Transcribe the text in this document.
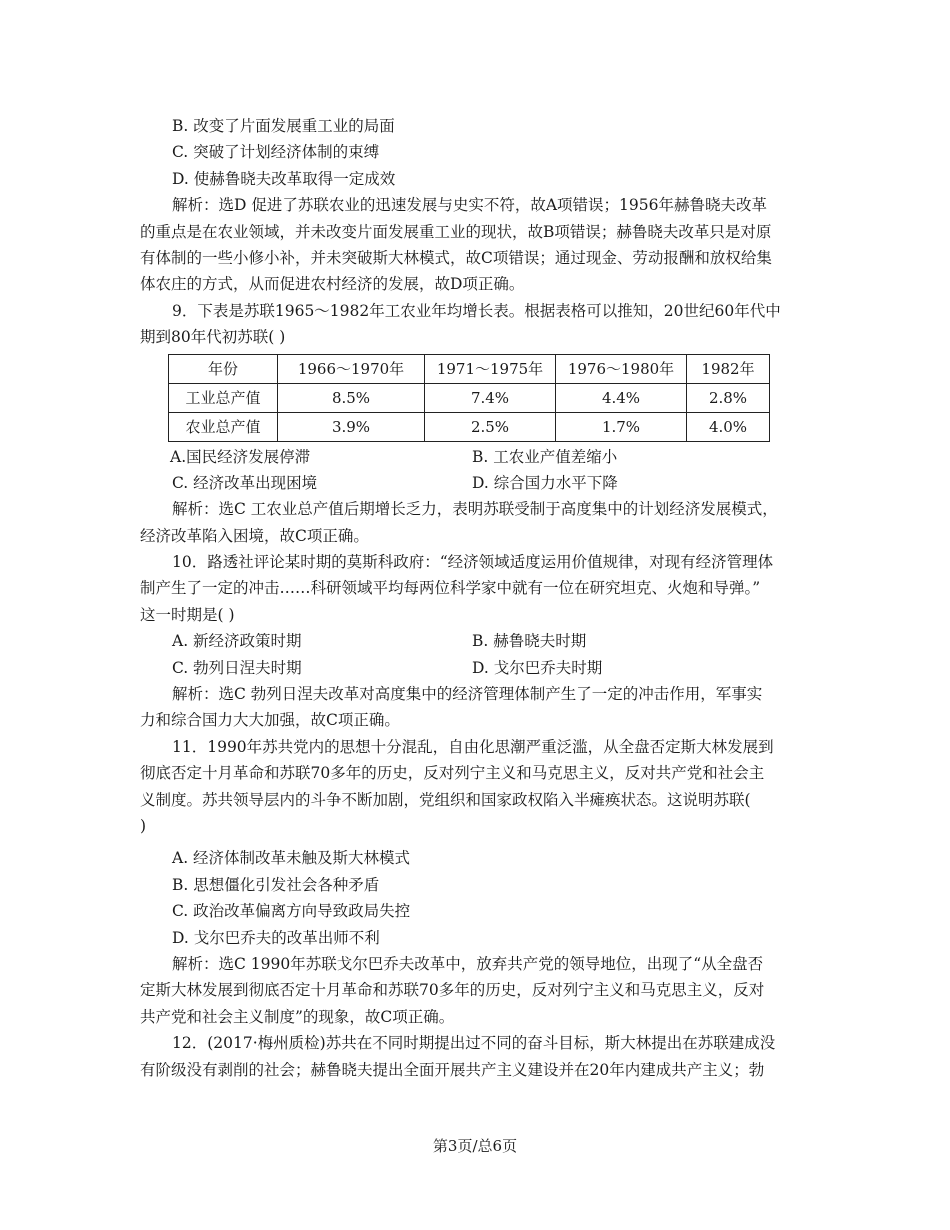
B. 改变了片面发展重工业的局面
C. 突破了计划经济体制的束缚
D. 使赫鲁晓夫改革取得一定成效
解析：选D 促进了苏联农业的迅速发展与史实不符，故A项错误；1956年赫鲁晓夫改革
的重点是在农业领域，并未改变片面发展重工业的现状，故B项错误；赫鲁晓夫改革只是对原
有体制的一些小修小补，并未突破斯大林模式，故C项错误；通过现金、劳动报酬和放权给集
体农庄的方式，从而促进农村经济的发展，故D项正确。
9．下表是苏联1965～1982年工农业年均增长表。根据表格可以推知，20世纪60年代中
期到80年代初苏联( )
年份	1966～1970年	1971～1975年	1976～1980年	1982年
工业总产值	8.5%	7.4%	4.4%	2.8%
农业总产值	3.9%	2.5%	1.7%	4.0%
A.国民经济发展停滞	B. 工农业产值差缩小
C. 经济改革出现困境	D. 综合国力水平下降
解析：选C 工农业总产值后期增长乏力，表明苏联受制于高度集中的计划经济发展模式，
经济改革陷入困境，故C项正确。
10．路透社评论某时期的莫斯科政府：“经济领域适度运用价值规律，对现有经济管理体
制产生了一定的冲击……科研领域平均每两位科学家中就有一位在研究坦克、火炮和导弹。”
这一时期是( )
A. 新经济政策时期	B. 赫鲁晓夫时期
C. 勃列日涅夫时期	D. 戈尔巴乔夫时期
解析：选C 勃列日涅夫改革对高度集中的经济管理体制产生了一定的冲击作用，军事实
力和综合国力大大加强，故C项正确。
11．1990年苏共党内的思想十分混乱，自由化思潮严重泛滥，从全盘否定斯大林发展到
彻底否定十月革命和苏联70多年的历史，反对列宁主义和马克思主义，反对共产党和社会主
义制度。苏共领导层内的斗争不断加剧，党组织和国家政权陷入半瘫痪状态。这说明苏联(
)
A. 经济体制改革未触及斯大林模式
B. 思想僵化引发社会各种矛盾
C. 政治改革偏离方向导致政局失控
D. 戈尔巴乔夫的改革出师不利
解析：选C 1990年苏联戈尔巴乔夫改革中，放弃共产党的领导地位，出现了“从全盘否
定斯大林发展到彻底否定十月革命和苏联70多年的历史，反对列宁主义和马克思主义，反对
共产党和社会主义制度”的现象，故C项正确。
12．(2017·梅州质检)苏共在不同时期提出过不同的奋斗目标，斯大林提出在苏联建成没
有阶级没有剥削的社会；赫鲁晓夫提出全面开展共产主义建设并在20年内建成共产主义；勃
第3页/总6页
